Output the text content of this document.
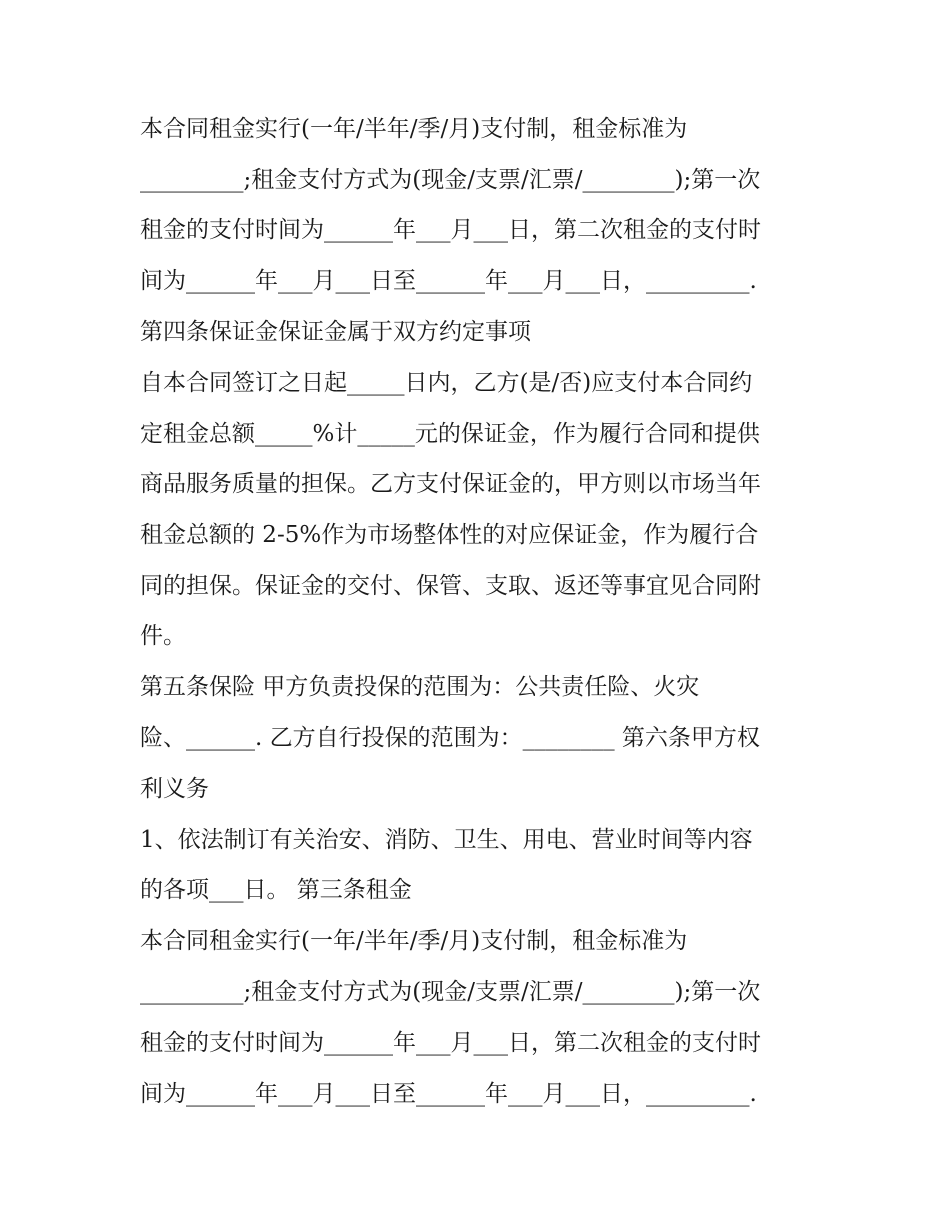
本合同租金实行(一年/半年/季/月)支付制，租金标准为
_________;租金支付方式为(现金/支票/汇票/________);第一次
租金的支付时间为______年___月___日，第二次租金的支付时
间为______年___月___日至______年___月___日，_________.
第四条保证金保证金属于双方约定事项
自本合同签订之日起_____日内，乙方(是/否)应支付本合同约
定租金总额_____%计_____元的保证金，作为履行合同和提供
商品服务质量的担保。乙方支付保证金的，甲方则以市场当年
租金总额的 2-5%作为市场整体性的对应保证金，作为履行合
同的担保。保证金的交付、保管、支取、返还等事宜见合同附
件。
第五条保险 甲方负责投保的范围为：公共责任险、火灾
险、______. 乙方自行投保的范围为：________ 第六条甲方权
利义务
1、依法制订有关治安、消防、卫生、用电、营业时间等内容
的各项___日。 第三条租金
本合同租金实行(一年/半年/季/月)支付制，租金标准为
_________;租金支付方式为(现金/支票/汇票/________);第一次
租金的支付时间为______年___月___日，第二次租金的支付时
间为______年___月___日至______年___月___日，_________.
